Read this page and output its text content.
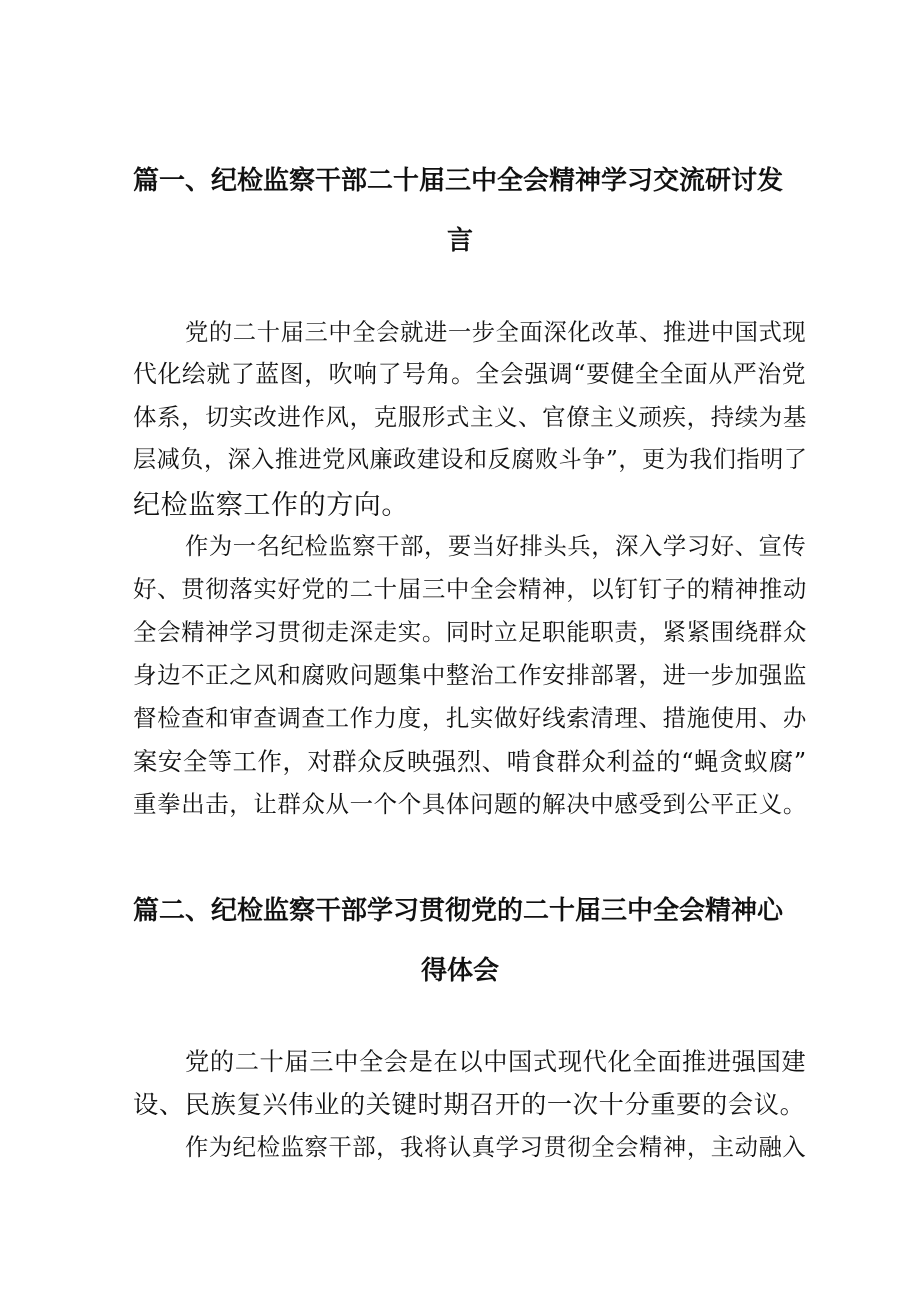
篇一、纪检监察干部二十届三中全会精神学习交流研讨发
言
党的二十届三中全会就进一步全面深化改革、推进中国式现
代化绘就了蓝图，吹响了号角。全会强调“要健全全面从严治党
体系，切实改进作风，克服形式主义、官僚主义顽疾，持续为基
层减负，深入推进党风廉政建设和反腐败斗争”，更为我们指明了
纪检监察工作的方向。
作为一名纪检监察干部，要当好排头兵，深入学习好、宣传
好、贯彻落实好党的二十届三中全会精神，以钉钉子的精神推动
全会精神学习贯彻走深走实。同时立足职能职责，紧紧围绕群众
身边不正之风和腐败问题集中整治工作安排部署，进一步加强监
督检查和审查调查工作力度，扎实做好线索清理、措施使用、办
案安全等工作，对群众反映强烈、啃食群众利益的“蝇贪蚁腐”
重拳出击，让群众从一个个具体问题的解决中感受到公平正义。
篇二、纪检监察干部学习贯彻党的二十届三中全会精神心
得体会
党的二十届三中全会是在以中国式现代化全面推进强国建
设、民族复兴伟业的关键时期召开的一次十分重要的会议。
作为纪检监察干部，我将认真学习贯彻全会精神，主动融入
